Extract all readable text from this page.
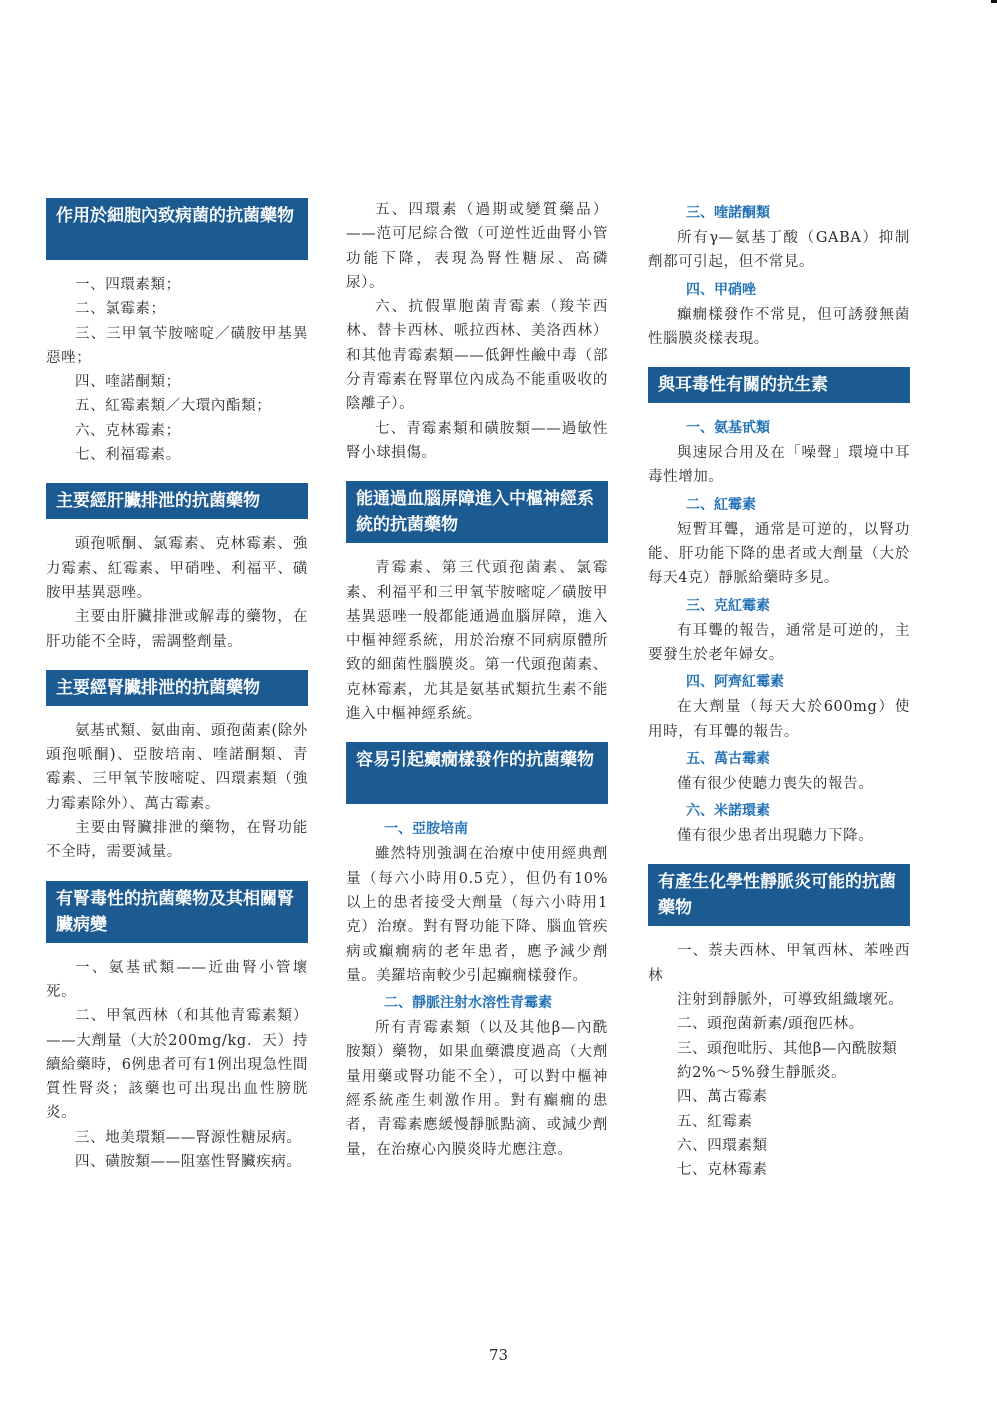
作用於細胞內致病菌的抗菌藥物

一、四環素類；

二、氯霉素；

三、三甲氧苄胺嘧啶／磺胺甲基異惡唑；

四、喹諾酮類；

五、紅霉素類／大環內酯類；

六、克林霉素；

七、利福霉素。

主要經肝臟排泄的抗菌藥物

頭孢哌酮、氯霉素、克林霉素、強力霉素、紅霉素、甲硝唑、利福平、磺胺甲基異惡唑。

主要由肝臟排泄或解毒的藥物，在肝功能不全時，需調整劑量。

主要經腎臟排泄的抗菌藥物

氨基甙類、氨曲南、頭孢菌素(除外頭孢哌酮)、亞胺培南、喹諾酮類、青霉素、三甲氧苄胺嘧啶、四環素類（強力霉素除外）、萬古霉素。

主要由腎臟排泄的藥物，在腎功能不全時，需要減量。

有腎毒性的抗菌藥物及其相關腎臟病變

一、氨基甙類——近曲腎小管壞死。

二、甲氧西林（和其他青霉素類）——大劑量（大於200mg/kg．天）持續給藥時，6例患者可有1例出現急性間質性腎炎；該藥也可出現出血性膀胱炎。

三、地美環類——腎源性糖尿病。

四、磺胺類——阻塞性腎臟疾病。

五、四環素（過期或變質藥品）——范可尼綜合徵（可逆性近曲腎小管功能下降，表現為腎性糖尿、高磷尿）。

六、抗假單胞菌青霉素（羧苄西林、替卡西林、哌拉西林、美洛西林）和其他青霉素類——低鉀性鹼中毒（部分青霉素在腎單位內成為不能重吸收的陰離子）。

七、青霉素類和磺胺類——過敏性腎小球損傷。

能通過血腦屏障進入中樞神經系統的抗菌藥物

青霉素、第三代頭孢菌素、氯霉素、利福平和三甲氧苄胺嘧啶／磺胺甲基異惡唑一般都能通過血腦屏障，進入中樞神經系統，用於治療不同病原體所致的細菌性腦膜炎。第一代頭孢菌素、克林霉素，尤其是氨基甙類抗生素不能進入中樞神經系統。

容易引起癲癇樣發作的抗菌藥物
一、亞胺培南

雖然特別強調在治療中使用經典劑量（每六小時用0.5克），但仍有10%以上的患者接受大劑量（每六小時用1克）治療。對有腎功能下降、腦血管疾病或癲癇病的老年患者，應予減少劑量。美羅培南較少引起癲癇樣發作。

二、靜脈注射水溶性青霉素

所有青霉素類（以及其他β—內酰胺類）藥物，如果血藥濃度過高（大劑量用藥或腎功能不全），可以對中樞神經系統產生刺激作用。對有癲癇的患者，青霉素應緩慢靜脈點滴、或減少劑量，在治療心內膜炎時尤應注意。

三、喹諾酮類

所有γ—氨基丁酸（GABA）抑制劑都可引起，但不常見。

四、甲硝唑

癲癇樣發作不常見，但可誘發無菌性腦膜炎樣表現。

與耳毒性有關的抗生素
一、氨基甙類

與速尿合用及在「噪聲」環境中耳毒性增加。

二、紅霉素

短暫耳聾，通常是可逆的，以腎功能、肝功能下降的患者或大劑量（大於每天4克）靜脈給藥時多見。

三、克紅霉素

有耳聾的報告，通常是可逆的，主要發生於老年婦女。

四、阿齊紅霉素

在大劑量（每天大於600mg）使用時，有耳聾的報告。

五、萬古霉素

僅有很少使聽力喪失的報告。

六、米諾環素

僅有很少患者出現聽力下降。

有產生化學性靜脈炎可能的抗菌藥物

一、萘夫西林、甲氧西林、苯唑西林

注射到靜脈外，可導致組織壞死。

二、頭孢菌新素/頭孢匹林。

三、頭孢吡肟、其他β—內酰胺類

約2%～5%發生靜脈炎。

四、萬古霉素

五、紅霉素

六、四環素類

七、克林霉素

73
